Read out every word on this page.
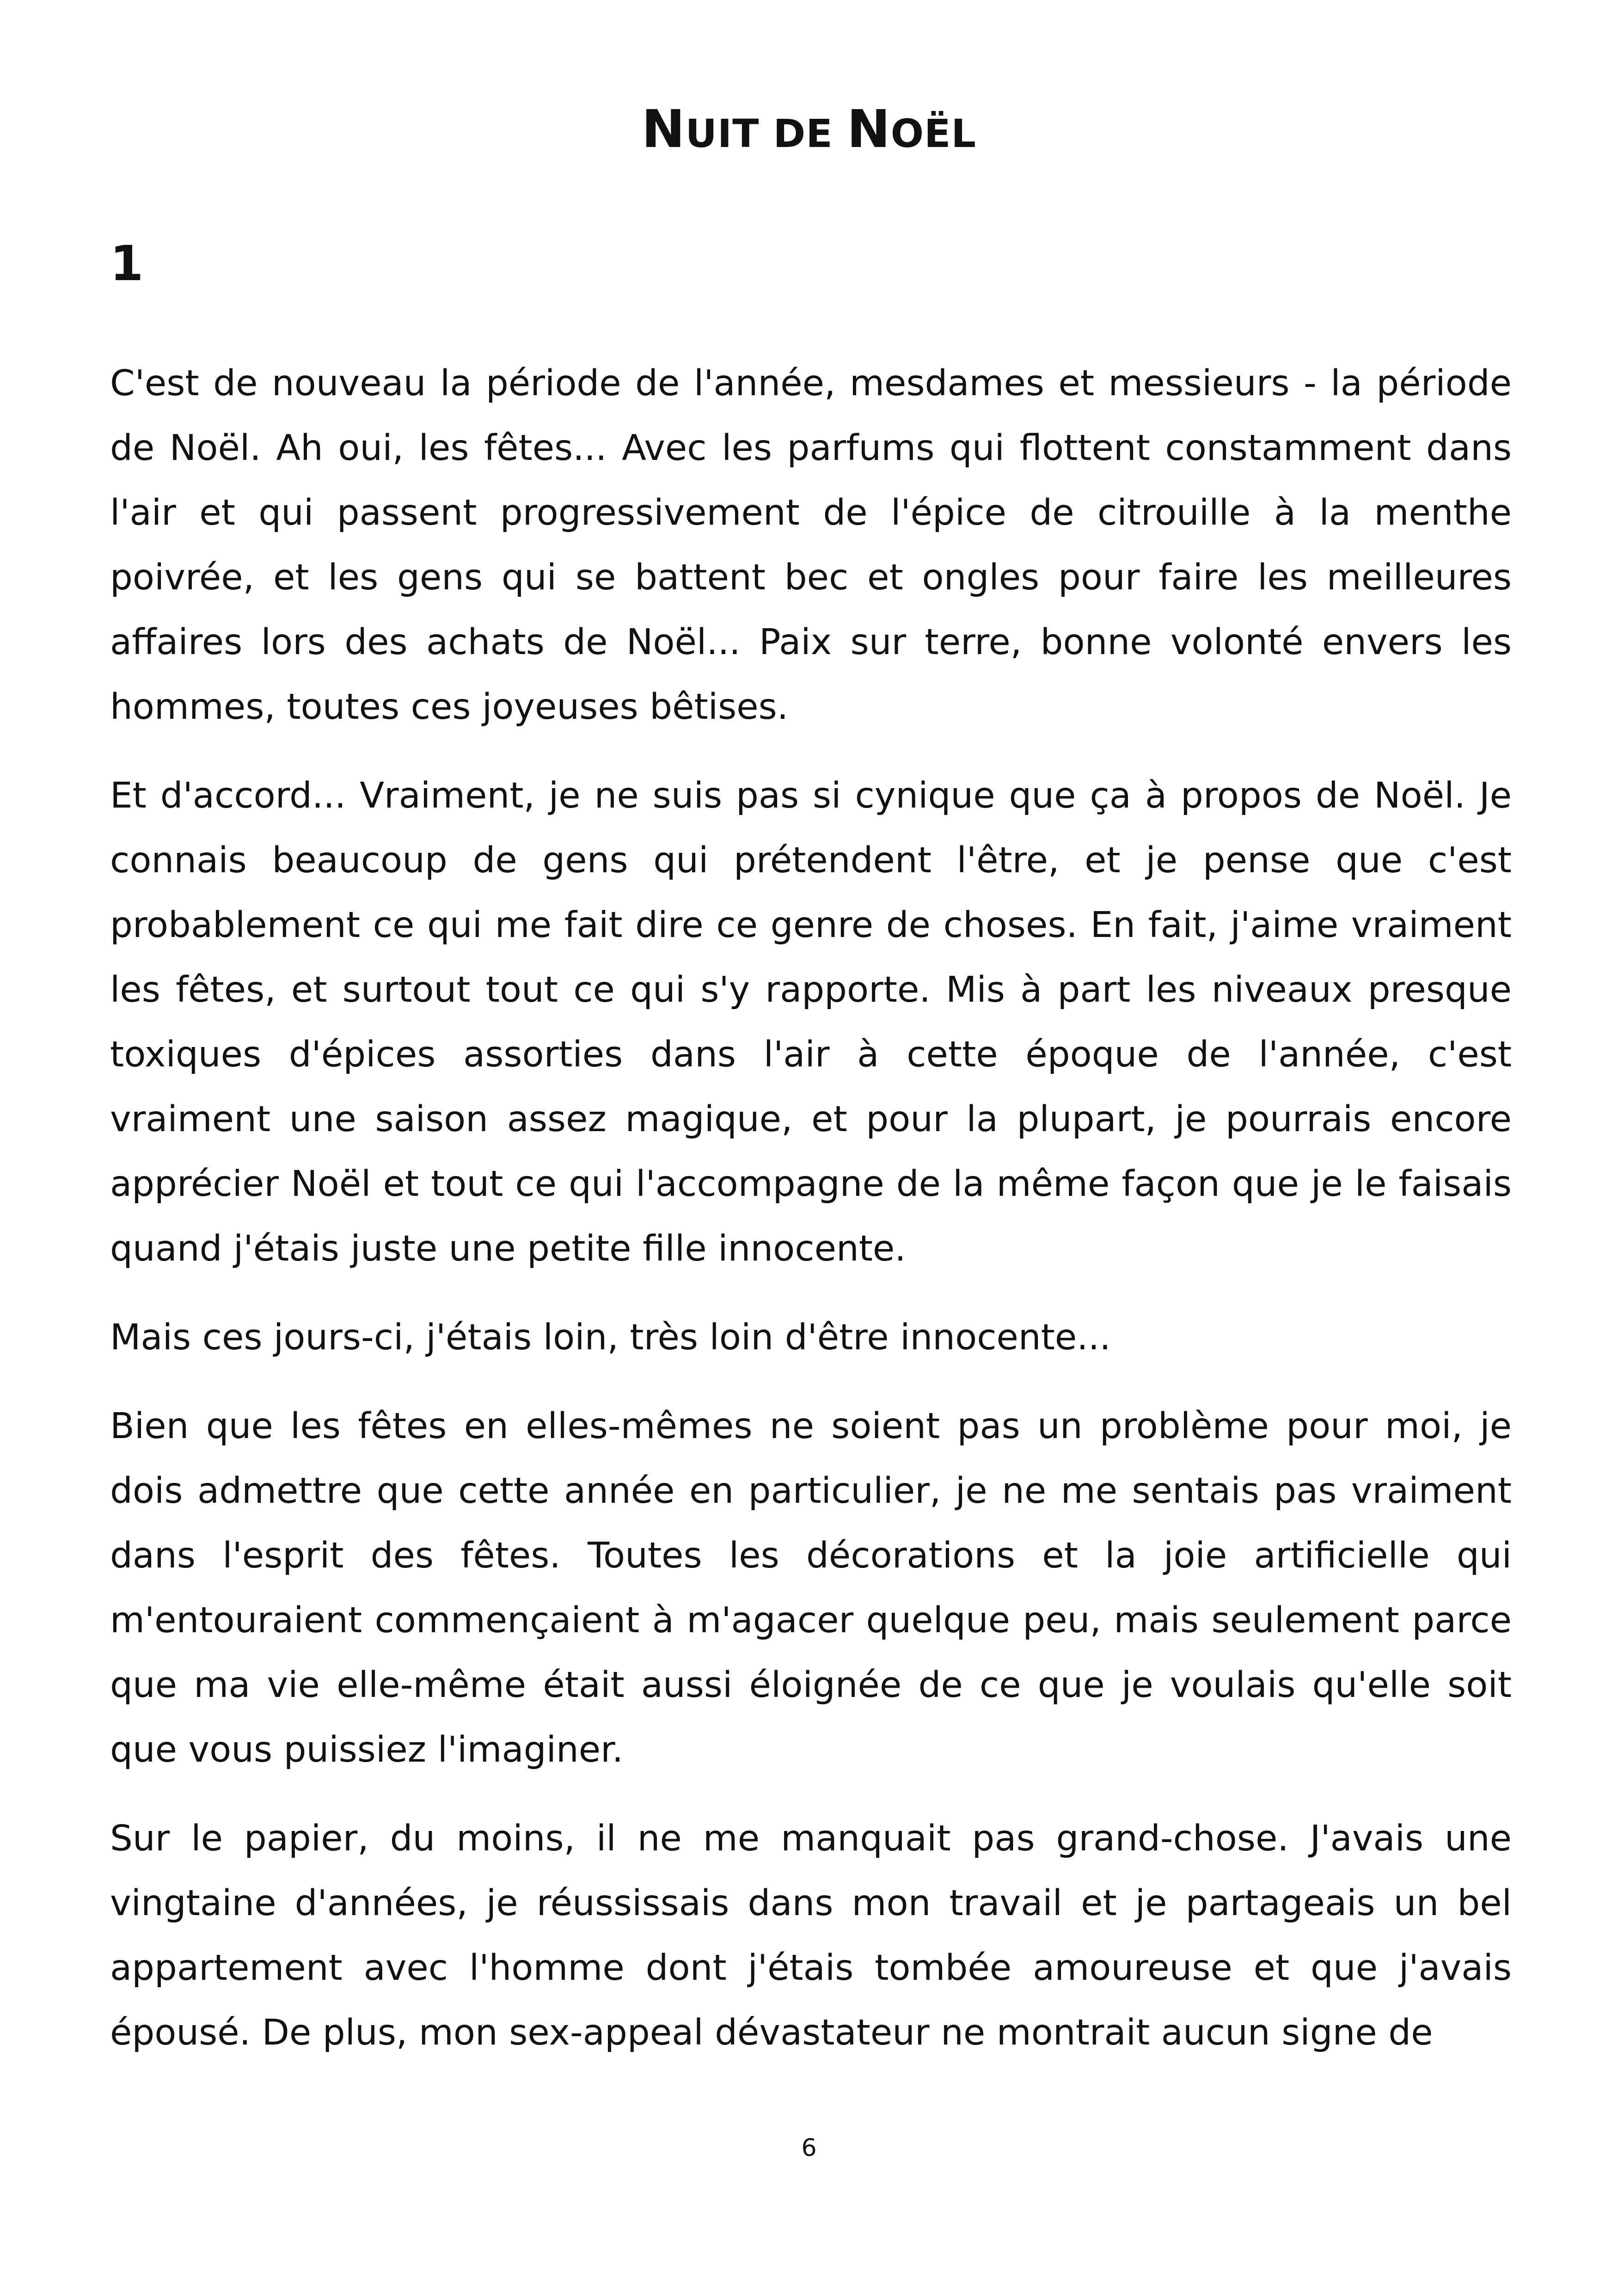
NUIT DE NOËL
1

C'est de nouveau la période de l'année, mesdames et messieurs - la période de Noël. Ah oui, les fêtes... Avec les parfums qui flottent constamment dans l'air et qui passent progressivement de l'épice de citrouille à la menthe poivrée, et les gens qui se battent bec et ongles pour faire les meilleures affaires lors des achats de Noël... Paix sur terre, bonne volonté envers les hommes, toutes ces joyeuses bêtises.

Et d'accord... Vraiment, je ne suis pas si cynique que ça à propos de Noël. Je connais beaucoup de gens qui prétendent l'être, et je pense que c'est probablement ce qui me fait dire ce genre de choses. En fait, j'aime vraiment les fêtes, et surtout tout ce qui s'y rapporte. Mis à part les niveaux presque toxiques d'épices assorties dans l'air à cette époque de l'année, c'est vraiment une saison assez magique, et pour la plupart, je pourrais encore apprécier Noël et tout ce qui l'accompagne de la même façon que je le faisais quand j'étais juste une petite fille innocente.

Mais ces jours-ci, j'étais loin, très loin d'être innocente...

Bien que les fêtes en elles-mêmes ne soient pas un problème pour moi, je dois admettre que cette année en particulier, je ne me sentais pas vraiment dans l'esprit des fêtes. Toutes les décorations et la joie artificielle qui m'entouraient commençaient à m'agacer quelque peu, mais seulement parce que ma vie elle-même était aussi éloignée de ce que je voulais qu'elle soit que vous puissiez l'imaginer.

Sur le papier, du moins, il ne me manquait pas grand-chose. J'avais une vingtaine d'années, je réussissais dans mon travail et je partageais un bel appartement avec l'homme dont j'étais tombée amoureuse et que j'avais épousé. De plus, mon sex-appeal dévastateur ne montrait aucun signe de

6
